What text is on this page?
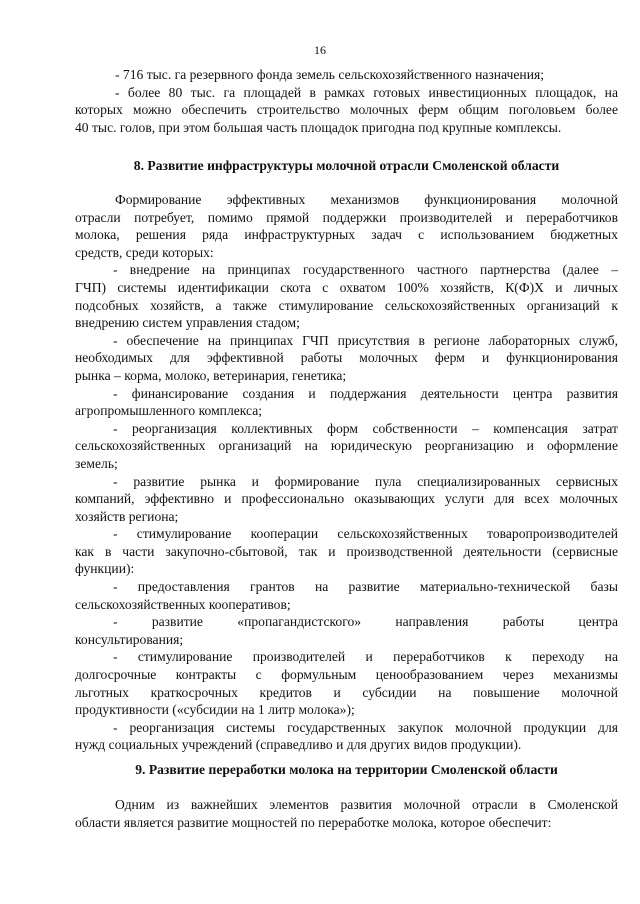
16
- 716 тыс. га резервного фонда земель сельскохозяйственного назначения;
- более 80 тыс. га площадей в рамках готовых инвестиционных площадок, на
которых можно обеспечить строительство молочных ферм общим поголовьем более
40 тыс. голов, при этом большая часть площадок пригодна под крупные комплексы.
8. Развитие инфраструктуры молочной отрасли Смоленской области
Формирование эффективных механизмов функционирования молочной
отрасли потребует, помимо прямой поддержки производителей и переработчиков
молока, решения ряда инфраструктурных задач с использованием бюджетных
средств, среди которых:
- внедрение на принципах государственного частного партнерства (далее –
ГЧП) системы идентификации скота с охватом 100% хозяйств, К(Ф)Х и личных
подсобных хозяйств, а также стимулирование сельскохозяйственных организаций к
внедрению систем управления стадом;
- обеспечение на принципах ГЧП присутствия в регионе лабораторных служб,
необходимых для эффективной работы молочных ферм и функционирования
рынка – корма, молоко, ветеринария, генетика;
- финансирование создания и поддержания деятельности центра развития
агропромышленного комплекса;
- реорганизация коллективных форм собственности – компенсация затрат
сельскохозяйственных организаций на юридическую реорганизацию и оформление
земель;
- развитие рынка и формирование пула специализированных сервисных
компаний, эффективно и профессионально оказывающих услуги для всех молочных
хозяйств региона;
- стимулирование кооперации сельскохозяйственных товаропроизводителей
как в части закупочно-сбытовой, так и производственной деятельности (сервисные
функции):
- предоставления грантов на развитие материально-технической базы
сельскохозяйственных кооперативов;
- развитие «пропагандистского» направления работы центра
консультирования;
- стимулирование производителей и переработчиков к переходу на
долгосрочные контракты с формульным ценообразованием через механизмы
льготных краткосрочных кредитов и субсидии на повышение молочной
продуктивности («субсидии на 1 литр молока»);
- реорганизация системы государственных закупок молочной продукции для
нужд социальных учреждений (справедливо и для других видов продукции).
9. Развитие переработки молока на территории Смоленской области
Одним из важнейших элементов развития молочной отрасли в Смоленской
области является развитие мощностей по переработке молока, которое обеспечит:
